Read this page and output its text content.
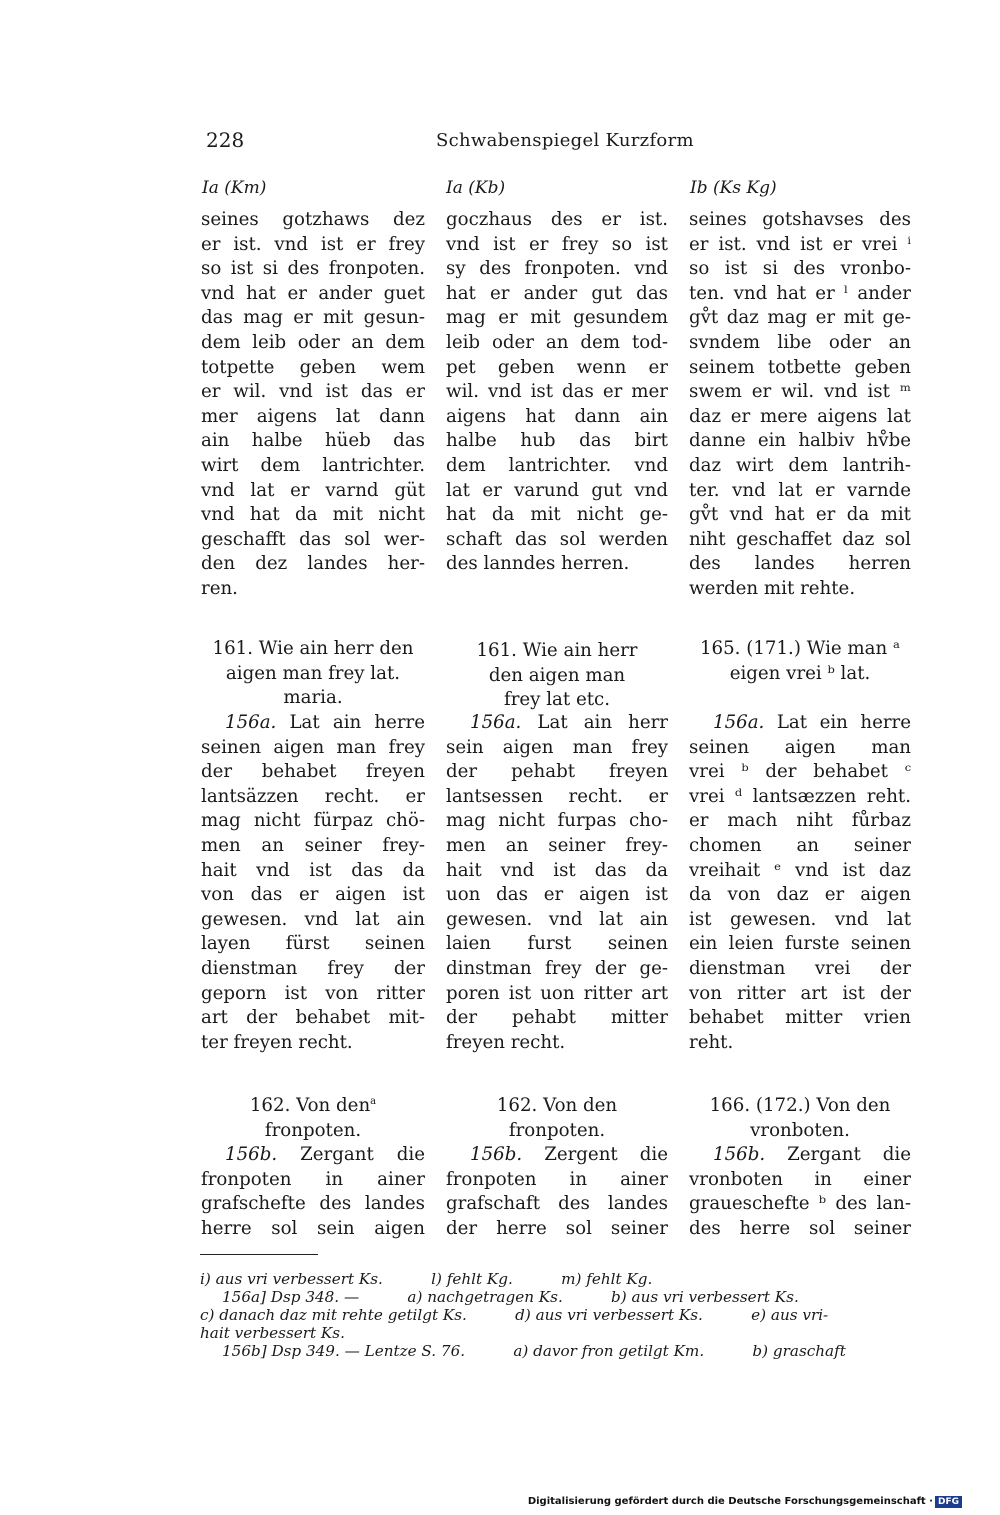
228	Schwabenspiegel Kurzform
Ia (Km)	Ia (Kb)	Ib (Ks Kg)
seines gotzhaws dez
er ist. vnd ist er frey
so ist si des fronpoten.
vnd hat er ander guet
das mag er mit gesun-
dem leib oder an dem
totpette geben wem
er wil. vnd ist das er
mer aigens lat dann
ain halbe hüeb das
wirt dem lantrichter.
vnd lat er varnd güt
vnd hat da mit nicht
geschafft das sol wer-
den dez landes her-
ren.
161. Wie ain herr den
aigen man frey lat.
maria.
156a. Lat ain herre
seinen aigen man frey
der behabet freyen
lantsäzzen recht. er
mag nicht fürpaz chö-
men an seiner frey-
hait vnd ist das da
von das er aigen ist
gewesen. vnd lat ain
layen fürst seinen
dienstman frey der
geporn ist von ritter
art der behabet mit-
ter freyen recht.
162. Von den$^a$
fronpoten.
156b. Zergant die
fronpoten in ainer
grafschefte des landes
herre sol sein aigen
goczhaus des er ist.
vnd ist er frey so ist
sy des fronpoten. vnd
hat er ander gut das
mag er mit gesundem
leib oder an dem tod-
pet geben wenn er
wil. vnd ist das er mer
aigens hat dann ain
halbe hub das birt
dem lantrichter. vnd
lat er varund gut vnd
hat da mit nicht ge-
schaft das sol werden
des lanndes herren.
161. Wie ain herr
den aigen man
frey lat etc.
156a. Lat ain herr
sein aigen man frey
der pehabt freyen
lantsessen recht. er
mag nicht furpas cho-
men an seiner frey-
hait vnd ist das da
uon das er aigen ist
gewesen. vnd lat ain
laien furst seinen
dinstman frey der ge-
poren ist uon ritter art
der pehabt mitter
freyen recht.
162. Von den
fronpoten.
156b. Zergent die
fronpoten in ainer
grafschaft des landes
der herre sol seiner
seines gotshavses des
er ist. vnd ist er vrei ⁱ
so ist si des vronbo-
ten. vnd hat er ˡ ander
gv̊t daz mag er mit ge-
svndem libe oder an
seinem totbette geben
swem er wil. vnd ist ᵐ
daz er mere aigens lat
danne ein halbiv hv̊be
daz wirt dem lantrih-
ter. vnd lat er varnde
gv̊t vnd hat er da mit
niht geschaffet daz sol
des landes herren
werden mit rehte.
165. (171.) Wie man ᵃ
eigen vrei ᵇ lat.
156a. Lat ein herre
seinen aigen man
vrei ᵇ der behabet ᶜ
vrei ᵈ lantsæzzen reht.
er mach niht fůrbaz
chomen an seiner
vreihait ᵉ vnd ist daz
da von daz er aigen
ist gewesen. vnd lat
ein leien furste seinen
dienstman vrei der
von ritter art ist der
behabet mitter vrien
reht.
166. (172.) Von den
vronboten.
156b. Zergant die
vronboten in einer
graueschefte ᵇ des lan-
des herre sol seiner
i) aus vri verbessert Ks.          l) fehlt Kg.          m) fehlt Kg.
156a] Dsp 348. —          a) nachgetragen Ks.          b) aus vri verbessert Ks.
c) danach daz mit rehte getilgt Ks.          d) aus vri verbessert Ks.          e) aus vri-
hait verbessert Ks.
156b] Dsp 349. — Lentze S. 76.          a) davor fron getilgt Km.          b) graschaft
Digitalisierung gefördert durch die Deutsche Forschungsgemeinschaft · DFG
